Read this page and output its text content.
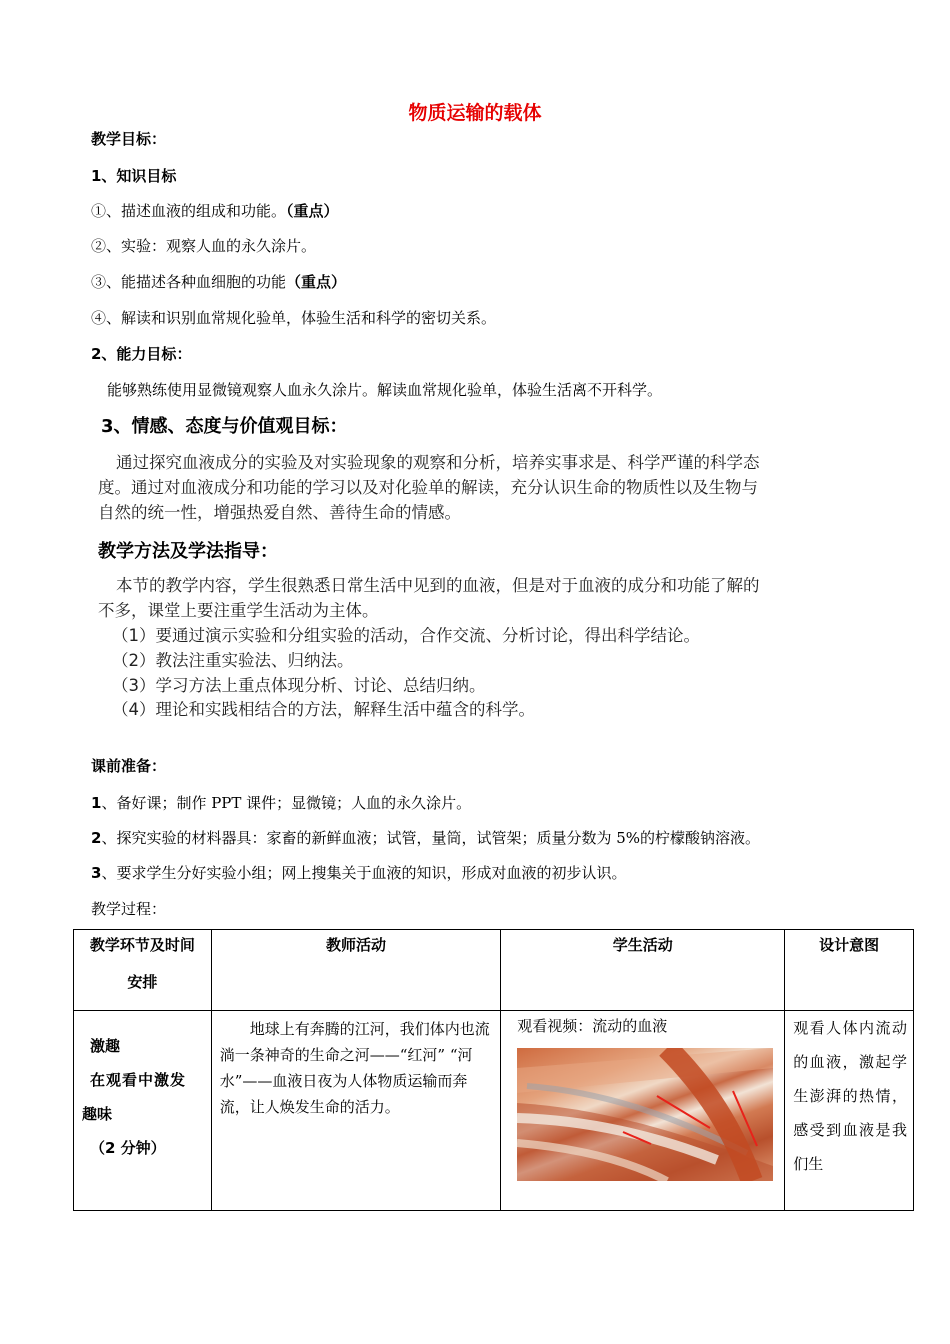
物质运输的载体
教学目标：
1、知识目标
①、描述血液的组成和功能。（重点）
②、实验：观察人血的永久涂片。
③、能描述各种血细胞的功能（重点）
④、解读和识别血常规化验单，体验生活和科学的密切关系。
2、能力目标：
能够熟练使用显微镜观察人血永久涂片。解读血常规化验单，体验生活离不开科学。
3、情感、态度与价值观目标：
通过探究血液成分的实验及对实验现象的观察和分析，培养实事求是、科学严谨的科学态
度。通过对血液成分和功能的学习以及对化验单的解读，充分认识生命的物质性以及生物与
自然的统一性，增强热爱自然、善待生命的情感。
教学方法及学法指导：
本节的教学内容，学生很熟悉日常生活中见到的血液，但是对于血液的成分和功能了解的
不多，课堂上要注重学生活动为主体。
（1）要通过演示实验和分组实验的活动，合作交流、分析讨论，得出科学结论。
（2）教法注重实验法、归纳法。
（3）学习方法上重点体现分析、讨论、总结归纳。
（4）理论和实践相结合的方法，解释生活中蕴含的科学。
课前准备：
1、备好课；制作 PPT 课件；显微镜；人血的永久涂片。
2、探究实验的材料器具：家畜的新鲜血液；试管，量筒，试管架；质量分数为 5%的柠檬酸钠溶液。
3、要求学生分好实验小组；网上搜集关于血液的知识，形成对血液的初步认识。
教学过程：
教学环节及时间
安排	教师活动	学生活动	设计意图

激趣
在观看中激发
趣味
（2 分钟）	地球上有奔腾的江河，我们体内也流淌一条神奇的生命之河——“红河” “河水”——血液日夜为人体物质运输而奔流，让人焕发生命的活力。	观看视频：流动的血液	观看人体内流动的血液，激起学生澎湃的热情，感受到血液是我们生
